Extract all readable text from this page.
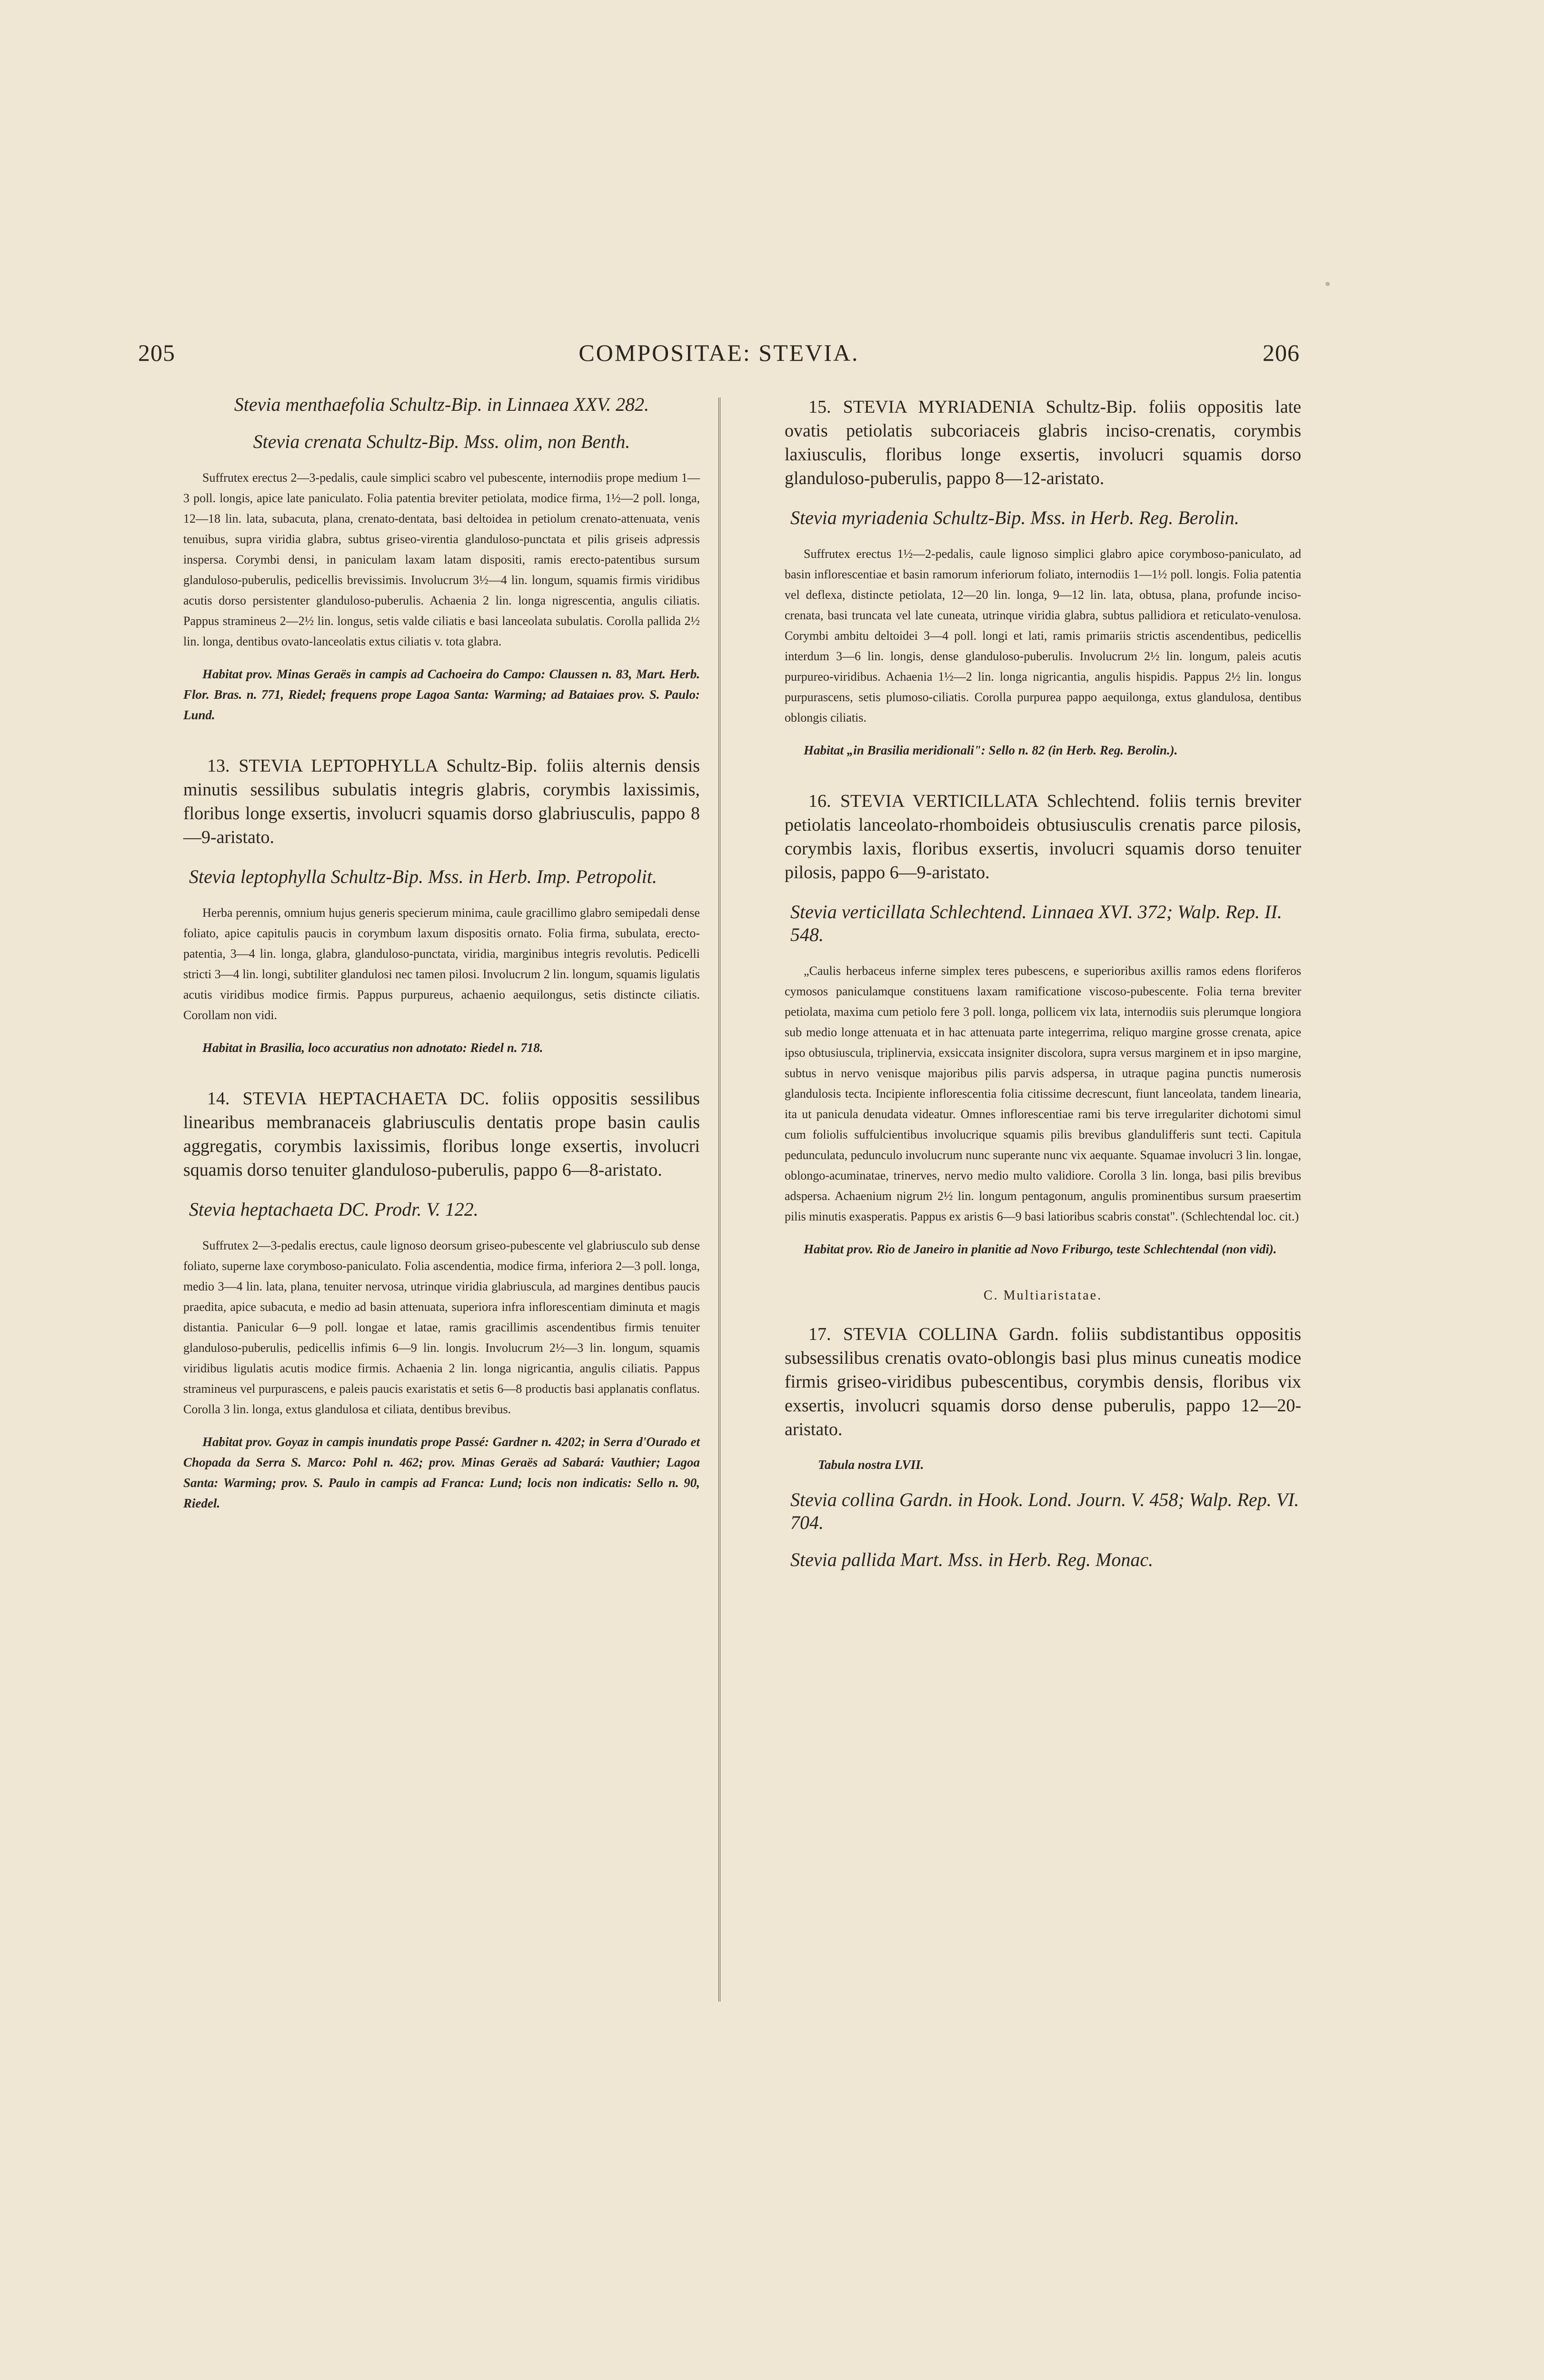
205	COMPOSITAE: STEVIA.	206

Stevia menthaefolia Schultz-Bip. in Linnaea XXV. 282.

Stevia crenata Schultz-Bip. Mss. olim, non Benth.

Suffrutex erectus 2—3-pedalis, caule simplici scabro vel pubescente, internodiis prope medium 1—3 poll. longis, apice late paniculato. Folia patentia breviter petiolata, modice firma, 1½—2 poll. longa, 12—18 lin. lata, subacuta, plana, crenato-dentata, basi deltoidea in petiolum crenato-attenuata, venis tenuibus, supra viridia glabra, subtus griseo-virentia glanduloso-punctata et pilis griseis adpressis inspersa. Corymbi densi, in paniculam laxam latam dispositi, ramis erecto-patentibus sursum glanduloso-puberulis, pedicellis brevissimis. Involucrum 3½—4 lin. longum, squamis firmis viridibus acutis dorso persistenter glanduloso-puberulis. Achaenia 2 lin. longa nigrescentia, angulis ciliatis. Pappus stramineus 2—2½ lin. longus, setis valde ciliatis e basi lanceolata subulatis. Corolla pallida 2½ lin. longa, dentibus ovato-lanceolatis extus ciliatis v. tota glabra.

Habitat prov. Minas Geraës in campis ad Cachoeira do Campo: Claussen n. 83, Mart. Herb. Flor. Bras. n. 771, Riedel; frequens prope Lagoa Santa: Warming; ad Bataiaes prov. S. Paulo: Lund.

13. STEVIA LEPTOPHYLLA Schultz-Bip. foliis alternis densis minutis sessilibus subulatis integris glabris, corymbis laxissimis, floribus longe exsertis, involucri squamis dorso glabriusculis, pappo 8—9-aristato.

Stevia leptophylla Schultz-Bip. Mss. in Herb. Imp. Petropolit.

Herba perennis, omnium hujus generis specierum minima, caule gracillimo glabro semipedali dense foliato, apice capitulis paucis in corymbum laxum dispositis ornato. Folia firma, subulata, erecto-patentia, 3—4 lin. longa, glabra, glanduloso-punctata, viridia, marginibus integris revolutis. Pedicelli stricti 3—4 lin. longi, subtiliter glandulosi nec tamen pilosi. Involucrum 2 lin. longum, squamis ligulatis acutis viridibus modice firmis. Pappus purpureus, achaenio aequilongus, setis distincte ciliatis. Corollam non vidi.

Habitat in Brasilia, loco accuratius non adnotato: Riedel n. 718.

14. STEVIA HEPTACHAETA DC. foliis oppositis sessilibus linearibus membranaceis glabriusculis dentatis prope basin caulis aggregatis, corymbis laxissimis, floribus longe exsertis, involucri squamis dorso tenuiter glanduloso-puberulis, pappo 6—8-aristato.

Stevia heptachaeta DC. Prodr. V. 122.

Suffrutex 2—3-pedalis erectus, caule lignoso deorsum griseo-pubescente vel glabriusculo sub dense foliato, superne laxe corymboso-paniculato. Folia ascendentia, modice firma, inferiora 2—3 poll. longa, medio 3—4 lin. lata, plana, tenuiter nervosa, utrinque viridia glabriuscula, ad margines dentibus paucis praedita, apice subacuta, e medio ad basin attenuata, superiora infra inflorescentiam diminuta et magis distantia. Panicular 6—9 poll. longae et latae, ramis gracillimis ascendentibus firmis tenuiter glanduloso-puberulis, pedicellis infimis 6—9 lin. longis. Involucrum 2½—3 lin. longum, squamis viridibus ligulatis acutis modice firmis. Achaenia 2 lin. longa nigricantia, angulis ciliatis. Pappus stramineus vel purpurascens, e paleis paucis exaristatis et setis 6—8 productis basi applanatis conflatus. Corolla 3 lin. longa, extus glandulosa et ciliata, dentibus brevibus.

Habitat prov. Goyaz in campis inundatis prope Passé: Gardner n. 4202; in Serra d'Ourado et Chopada da Serra S. Marco: Pohl n. 462; prov. Minas Geraës ad Sabará: Vauthier; Lagoa Santa: Warming; prov. S. Paulo in campis ad Franca: Lund; locis non indicatis: Sello n. 90, Riedel.

15. STEVIA MYRIADENIA Schultz-Bip. foliis oppositis late ovatis petiolatis subcoriaceis glabris inciso-crenatis, corymbis laxiusculis, floribus longe exsertis, involucri squamis dorso glanduloso-puberulis, pappo 8—12-aristato.

Stevia myriadenia Schultz-Bip. Mss. in Herb. Reg. Berolin.

Suffrutex erectus 1½—2-pedalis, caule lignoso simplici glabro apice corymboso-paniculato, ad basin inflorescentiae et basin ramorum inferiorum foliato, internodiis 1—1½ poll. longis. Folia patentia vel deflexa, distincte petiolata, 12—20 lin. longa, 9—12 lin. lata, obtusa, plana, profunde inciso-crenata, basi truncata vel late cuneata, utrinque viridia glabra, subtus pallidiora et reticulato-venulosa. Corymbi ambitu deltoidei 3—4 poll. longi et lati, ramis primariis strictis ascendentibus, pedicellis interdum 3—6 lin. longis, dense glanduloso-puberulis. Involucrum 2½ lin. longum, paleis acutis purpureo-viridibus. Achaenia 1½—2 lin. longa nigricantia, angulis hispidis. Pappus 2½ lin. longus purpurascens, setis plumoso-ciliatis. Corolla purpurea pappo aequilonga, extus glandulosa, dentibus oblongis ciliatis.

Habitat „in Brasilia meridionali": Sello n. 82 (in Herb. Reg. Berolin.).

16. STEVIA VERTICILLATA Schlechtend. foliis ternis breviter petiolatis lanceolato-rhomboideis obtusiusculis crenatis parce pilosis, corymbis laxis, floribus exsertis, involucri squamis dorso tenuiter pilosis, pappo 6—9-aristato.

Stevia verticillata Schlechtend. Linnaea XVI. 372; Walp. Rep. II. 548.

„Caulis herbaceus inferne simplex teres pubescens, e superioribus axillis ramos edens floriferos cymosos paniculamque constituens laxam ramificatione viscoso-pubescente. Folia terna breviter petiolata, maxima cum petiolo fere 3 poll. longa, pollicem vix lata, internodiis suis plerumque longiora sub medio longe attenuata et in hac attenuata parte integerrima, reliquo margine grosse crenata, apice ipso obtusiuscula, triplinervia, exsiccata insigniter discolora, supra versus marginem et in ipso margine, subtus in nervo venisque majoribus pilis parvis adspersa, in utraque pagina punctis numerosis glandulosis tecta. Incipiente inflorescentia folia citissime decrescunt, fiunt lanceolata, tandem linearia, ita ut panicula denudata videatur. Omnes inflorescentiae rami bis terve irregulariter dichotomi simul cum foliolis suffulcientibus involucrique squamis pilis brevibus glandulifferis sunt tecti. Capitula pedunculata, pedunculo involucrum nunc superante nunc vix aequante. Squamae involucri 3 lin. longae, oblongo-acuminatae, trinerves, nervo medio multo validiore. Corolla 3 lin. longa, basi pilis brevibus adspersa. Achaenium nigrum 2½ lin. longum pentagonum, angulis prominentibus sursum praesertim pilis minutis exasperatis. Pappus ex aristis 6—9 basi latioribus scabris constat". (Schlechtendal loc. cit.)

Habitat prov. Rio de Janeiro in planitie ad Novo Friburgo, teste Schlechtendal (non vidi).

C. Multiaristatae.

17. STEVIA COLLINA Gardn. foliis subdistantibus oppositis subsessilibus crenatis ovato-oblongis basi plus minus cuneatis modice firmis griseo-viridibus pubescentibus, corymbis densis, floribus vix exsertis, involucri squamis dorso dense puberulis, pappo 12—20-aristato.

Tabula nostra LVII.

Stevia collina Gardn. in Hook. Lond. Journ. V. 458; Walp. Rep. VI. 704.

Stevia pallida Mart. Mss. in Herb. Reg. Monac.
